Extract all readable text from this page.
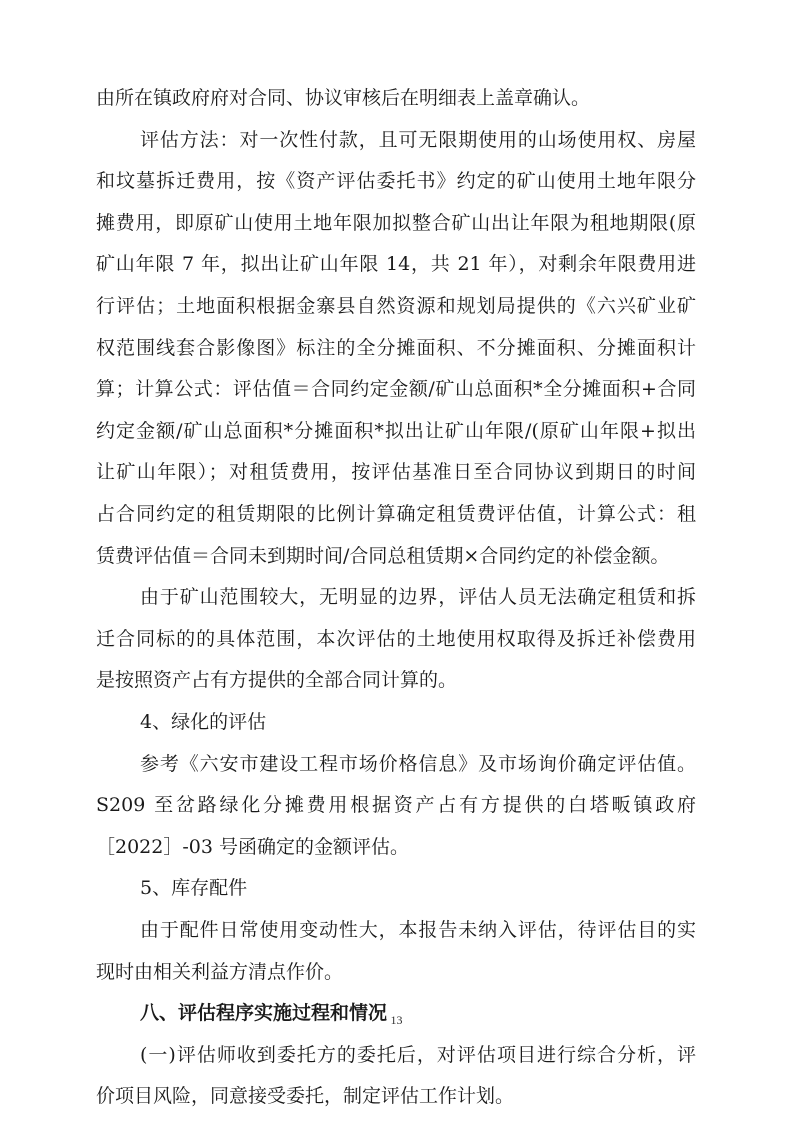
由所在镇政府府对合同、协议审核后在明细表上盖章确认。
评估方法：对一次性付款，且可无限期使用的山场使用权、房屋
和坟墓拆迁费用，按《资产评估委托书》约定的矿山使用土地年限分
摊费用，即原矿山使用土地年限加拟整合矿山出让年限为租地期限(原
矿山年限 7 年，拟出让矿山年限 14，共 21 年），对剩余年限费用进
行评估；土地面积根据金寨县自然资源和规划局提供的《六兴矿业矿
权范围线套合影像图》标注的全分摊面积、不分摊面积、分摊面积计
算；计算公式：评估值＝合同约定金额/矿山总面积*全分摊面积+合同
约定金额/矿山总面积*分摊面积*拟出让矿山年限/(原矿山年限+拟出
让矿山年限）；对租赁费用，按评估基准日至合同协议到期日的时间
占合同约定的租赁期限的比例计算确定租赁费评估值，计算公式：租
赁费评估值＝合同未到期时间/合同总租赁期×合同约定的补偿金额。
由于矿山范围较大，无明显的边界，评估人员无法确定租赁和拆
迁合同标的的具体范围，本次评估的土地使用权取得及拆迁补偿费用
是按照资产占有方提供的全部合同计算的。
4、绿化的评估
参考《六安市建设工程市场价格信息》及市场询价确定评估值。
S209 至岔路绿化分摊费用根据资产占有方提供的白塔畈镇政府
［2022］-03 号函确定的金额评估。
5、库存配件
由于配件日常使用变动性大，本报告未纳入评估，待评估目的实
现时由相关利益方清点作价。
八、评估程序实施过程和情况
(一)评估师收到委托方的委托后，对评估项目进行综合分析，评
价项目风险，同意接受委托，制定评估工作计划。
13
